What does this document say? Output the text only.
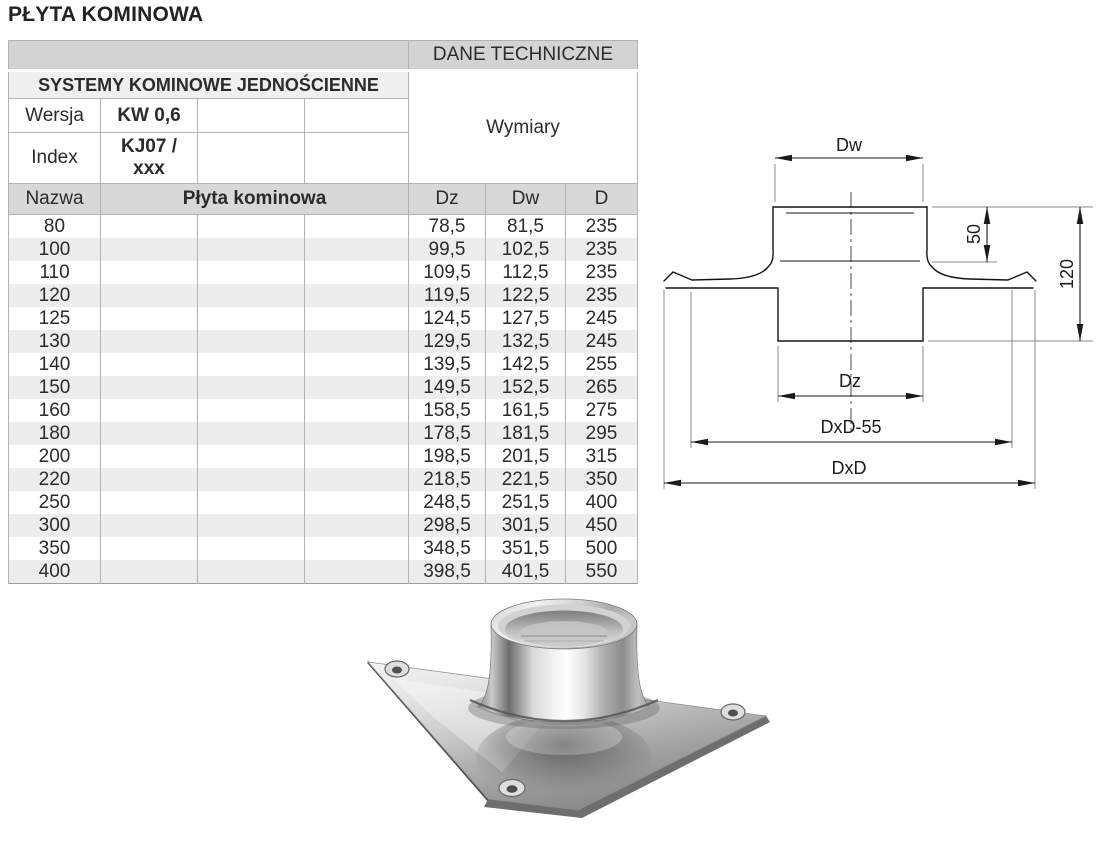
PŁYTA KOMINOWA
				DANE TECHNICZNE		
SYSTEMY KOMINOWE JEDNOŚCIENNE				Wymiary		
Wersja	KW 0,6					
Index	KJ07 /
xxx					

Nazwa	Płyta kominowa			Dz	Dw	D
80				78,5	81,5	235
100				99,5	102,5	235
110				109,5	112,5	235
120				119,5	122,5	235
125				124,5	127,5	245
130				129,5	132,5	245
140				139,5	142,5	255
150				149,5	152,5	265
160				158,5	161,5	275
180				178,5	181,5	295
200				198,5	201,5	315
220				218,5	221,5	350
250				248,5	251,5	400
300				298,5	301,5	450
350				348,5	351,5	500
400				398,5	401,5	550
Dw
50
120
Dz
DxD-55
DxD
